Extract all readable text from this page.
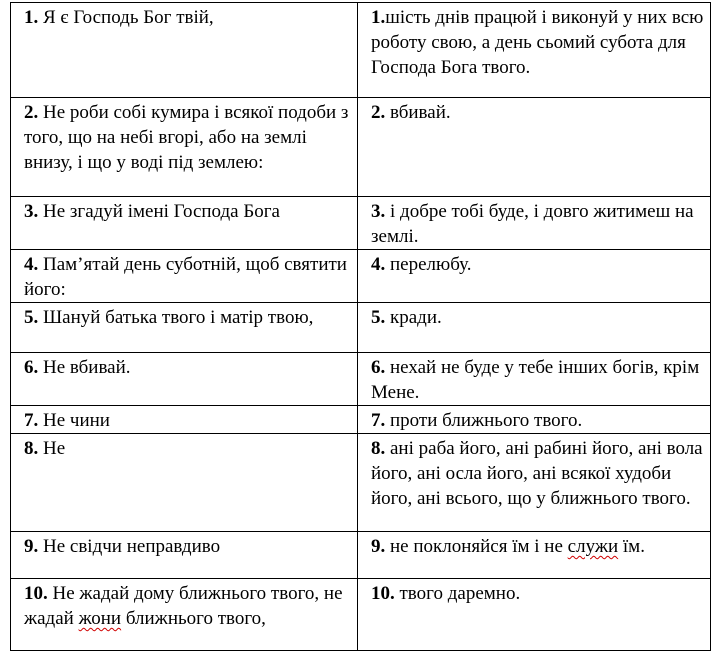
1. Я є Господь Бог твій,	1.шість днів працюй і виконуй у них всю роботу свою, а день сьомий субота для Господа Бога твого.
2. Не роби собі кумира і всякої подоби з того, що на небі вгорі, або на землі внизу, і що у воді під землею:	2. вбивай.
3. Не згадуй імені Господа Бога	3. і добре тобі буде, і довго житимеш на землі.
4. Пам’ятай день суботній, щоб святити його:	4. перелюбу.
5. Шануй батька твого і матір твою,	5. кради.
6. Не вбивай.	6. нехай не буде у тебе інших богів, крім Мене.
7. Не чини	7. проти ближнього твого.
8. Не	8. ані раба його, ані рабині його, ані вола його, ані осла його, ані всякої худоби його, ані всього, що у ближнього твого.
9. Не свідчи неправдиво	9. не поклоняйся їм і не служи їм.
10. Не жадай дому ближнього твого, не жадай жони ближнього твого,	10. твого даремно.
